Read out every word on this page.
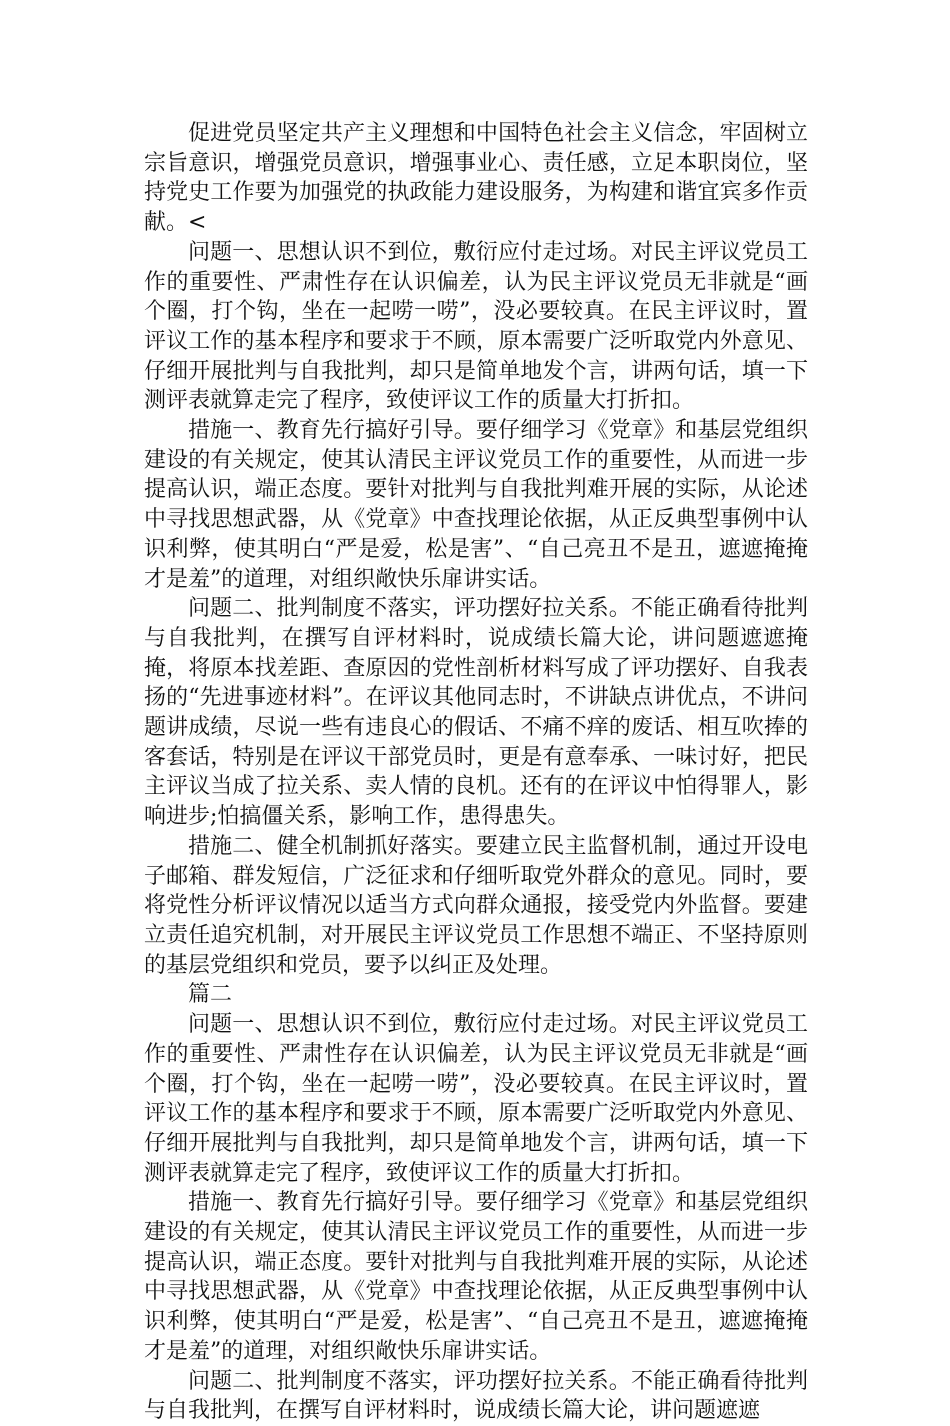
促进党员坚定共产主义理想和中国特色社会主义信念，牢固树立宗旨意识，增强党员意识，增强事业心、责任感，立足本职岗位，坚持党史工作要为加强党的执政能力建设服务，为构建和谐宜宾多作贡献。<

问题一、思想认识不到位，敷衍应付走过场。对民主评议党员工作的重要性、严肃性存在认识偏差，认为民主评议党员无非就是“画个圈，打个钩，坐在一起唠一唠”，没必要较真。在民主评议时，置评议工作的基本程序和要求于不顾，原本需要广泛听取党内外意见、仔细开展批判与自我批判，却只是简单地发个言，讲两句话，填一下测评表就算走完了程序，致使评议工作的质量大打折扣。

措施一、教育先行搞好引导。要仔细学习《党章》和基层党组织建设的有关规定，使其认清民主评议党员工作的重要性，从而进一步提高认识，端正态度。要针对批判与自我批判难开展的实际，从论述中寻找思想武器，从《党章》中查找理论依据，从正反典型事例中认识利弊，使其明白“严是爱，松是害”、“自己亮丑不是丑，遮遮掩掩才是羞”的道理，对组织敞快乐扉讲实话。

问题二、批判制度不落实，评功摆好拉关系。不能正确看待批判与自我批判，在撰写自评材料时，说成绩长篇大论，讲问题遮遮掩掩，将原本找差距、查原因的党性剖析材料写成了评功摆好、自我表扬的“先进事迹材料”。在评议其他同志时，不讲缺点讲优点，不讲问题讲成绩，尽说一些有违良心的假话、不痛不痒的废话、相互吹捧的客套话，特别是在评议干部党员时，更是有意奉承、一味讨好，把民主评议当成了拉关系、卖人情的良机。还有的在评议中怕得罪人，影响进步;怕搞僵关系，影响工作，患得患失。

措施二、健全机制抓好落实。要建立民主监督机制，通过开设电子邮箱、群发短信，广泛征求和仔细听取党外群众的意见。同时，要将党性分析评议情况以适当方式向群众通报，接受党内外监督。要建立责任追究机制，对开展民主评议党员工作思想不端正、不坚持原则的基层党组织和党员，要予以纠正及处理。

篇二

问题一、思想认识不到位，敷衍应付走过场。对民主评议党员工作的重要性、严肃性存在认识偏差，认为民主评议党员无非就是“画个圈，打个钩，坐在一起唠一唠”，没必要较真。在民主评议时，置评议工作的基本程序和要求于不顾，原本需要广泛听取党内外意见、仔细开展批判与自我批判，却只是简单地发个言，讲两句话，填一下测评表就算走完了程序，致使评议工作的质量大打折扣。

措施一、教育先行搞好引导。要仔细学习《党章》和基层党组织建设的有关规定，使其认清民主评议党员工作的重要性，从而进一步提高认识，端正态度。要针对批判与自我批判难开展的实际，从论述中寻找思想武器，从《党章》中查找理论依据，从正反典型事例中认识利弊，使其明白“严是爱，松是害”、“自己亮丑不是丑，遮遮掩掩才是羞”的道理，对组织敞快乐扉讲实话。

问题二、批判制度不落实，评功摆好拉关系。不能正确看待批判与自我批判，在撰写自评材料时，说成绩长篇大论，讲问题遮遮
